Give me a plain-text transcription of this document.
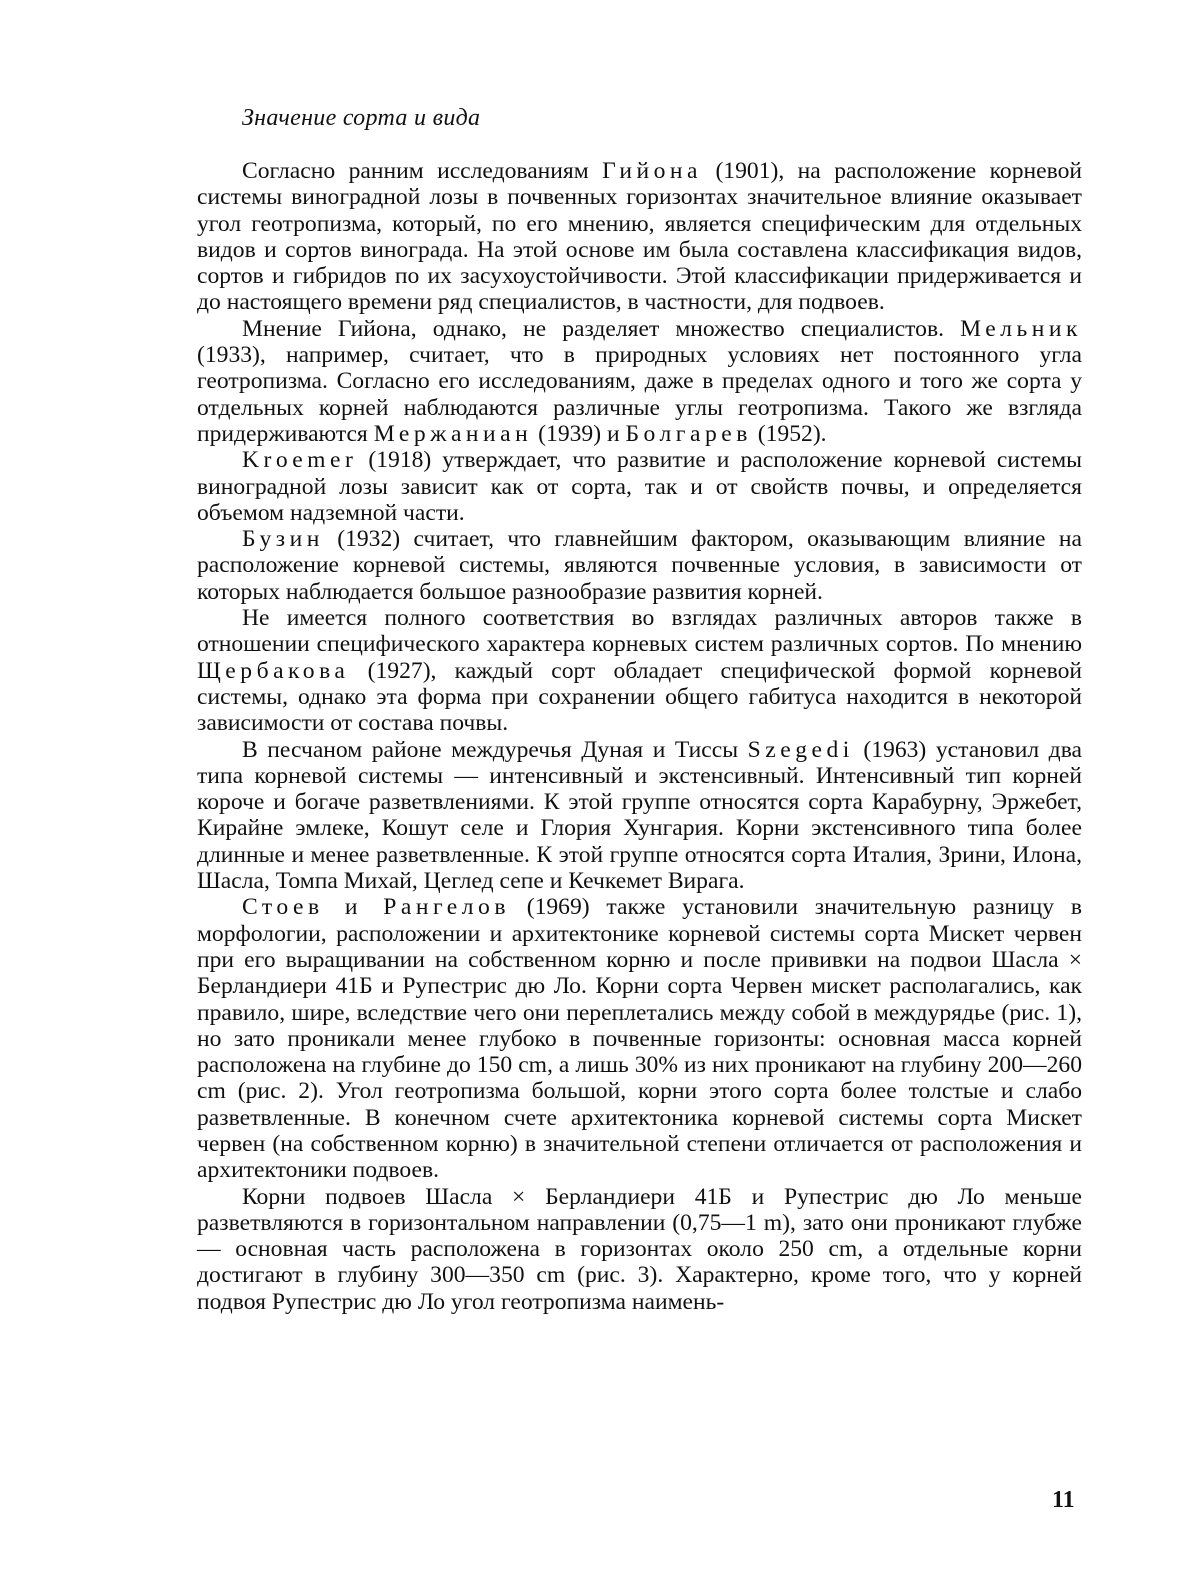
Значение сорта и вида

Согласно ранним исследованиям Гийона (1901), на расположение корневой системы виноградной лозы в почвенных горизонтах значительное влияние оказывает угол геотропизма, который, по его мнению, является специфическим для отдельных видов и сортов винограда. На этой основе им была составлена классификация видов, сортов и гибридов по их засухоустойчивости. Этой классификации придерживается и до настоящего времени ряд специалистов, в частности, для подвоев.

Мнение Гийона, однако, не разделяет множество специалистов. Мельник (1933), например, считает, что в природных условиях нет постоянного угла геотропизма. Согласно его исследованиям, даже в пределах одного и того же сорта у отдельных корней наблюдаются различные углы геотропизма. Такого же взгляда придерживаются Мержаниан (1939) и Болгарев (1952).

Kroemer (1918) утверждает, что развитие и расположение корневой системы виноградной лозы зависит как от сорта, так и от свойств почвы, и определяется объемом надземной части.

Бузин (1932) считает, что главнейшим фактором, оказывающим влияние на расположение корневой системы, являются почвенные условия, в зависимости от которых наблюдается большое разнообразие развития корней.

Не имеется полного соответствия во взглядах различных авторов также в отношении специфического характера корневых систем различных сортов. По мнению Щербакова (1927), каждый сорт обладает специфической формой корневой системы, однако эта форма при сохранении общего габитуса находится в некоторой зависимости от состава почвы.

В песчаном районе междуречья Дуная и Тиссы Szegedi (1963) установил два типа корневой системы — интенсивный и экстенсивный. Интенсивный тип корней короче и богаче разветвлениями. К этой группе относятся сорта Карабурну, Эржебет, Кирайне эмлеке, Кошут селе и Глория Хунгария. Корни экстенсивного типа более длинные и менее разветвленные. К этой группе относятся сорта Италия, Зрини, Илона, Шасла, Томпа Михай, Цеглед сепе и Кечкемет Вирага.

Стоев и Рангелов (1969) также установили значительную разницу в морфологии, расположении и архитектонике корневой системы сорта Мискет червен при его выращивании на собственном корню и после прививки на подвои Шасла × Берландиери 41Б и Рупестрис дю Ло. Корни сорта Червен мискет располагались, как правило, шире, вследствие чего они переплетались между собой в междурядье (рис. 1), но зато проникали менее глубоко в почвенные горизонты: основная масса корней расположена на глубине до 150 cm, а лишь 30% из них проникают на глубину 200—260 cm (рис. 2). Угол геотропизма большой, корни этого сорта более толстые и слабо разветвленные. В конечном счете архитектоника корневой системы сорта Мискет червен (на собственном корню) в значительной степени отличается от расположения и архитектоники подвоев.

Корни подвоев Шасла × Берландиери 41Б и Рупестрис дю Ло меньше разветвляются в горизонтальном направлении (0,75—1 m), зато они проникают глубже — основная часть расположена в горизонтах около 250 cm, а отдельные корни достигают в глубину 300—350 cm (рис. 3). Характерно, кроме того, что у корней подвоя Рупестрис дю Ло угол геотропизма наимень-

11
